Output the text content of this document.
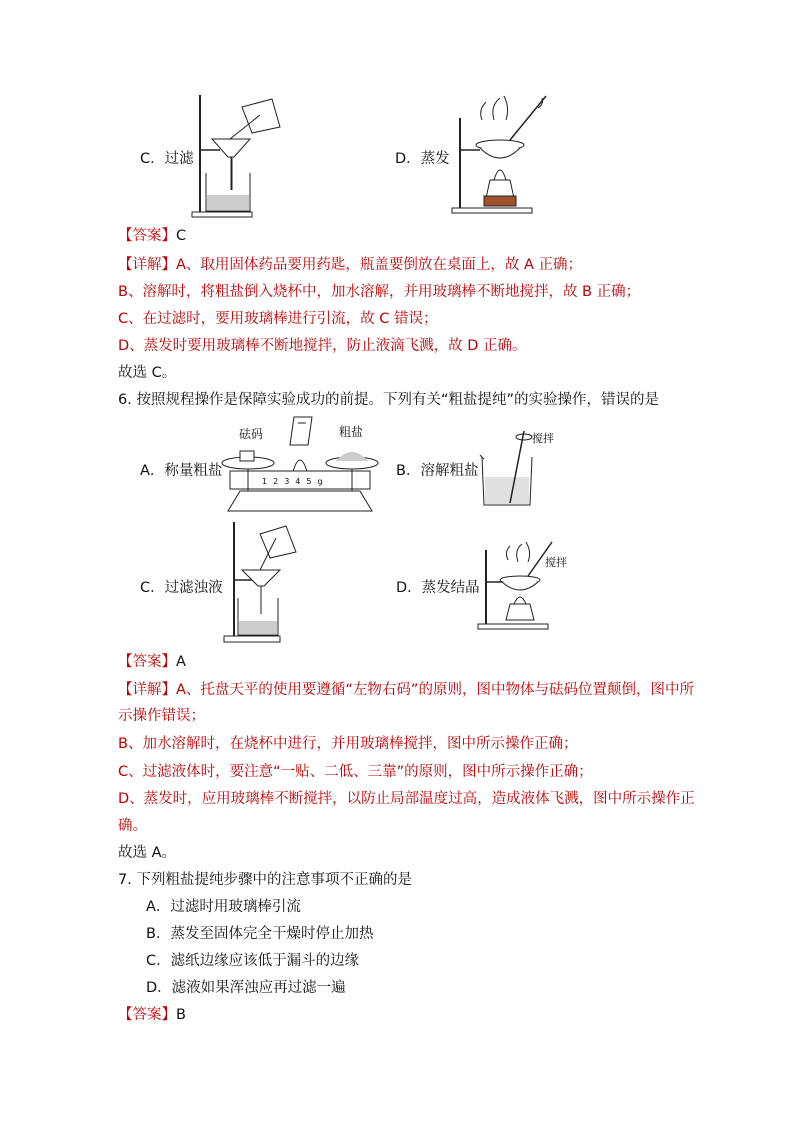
C．过滤	D．蒸发
【答案】C
【详解】A、取用固体药品要用药匙，瓶盖要倒放在桌面上，故 A 正确；
B、溶解时，将粗盐倒入烧杯中，加水溶解，并用玻璃棒不断地搅拌，故 B 正确；
C、在过滤时，要用玻璃棒进行引流，故 C 错误；
D、蒸发时要用玻璃棒不断地搅拌，防止液滴飞溅，故 D 正确。
故选 C。
6. 按照规程操作是保障实验成功的前提。下列有关“粗盐提纯”的实验操作，错误的是
A．称量粗盐
砝码	粗盐
12345g
B．溶解粗盐
搅拌
C．过滤浊液	D．蒸发结晶
搅拌
【答案】A
【详解】A、托盘天平的使用要遵循“左物右码”的原则，图中物体与砝码位置颠倒，图中所
示操作错误；
B、加水溶解时，在烧杯中进行，并用玻璃棒搅拌，图中所示操作正确；
C、过滤液体时，要注意“一贴、二低、三靠”的原则，图中所示操作正确；
D、蒸发时，应用玻璃棒不断搅拌，以防止局部温度过高，造成液体飞溅，图中所示操作正
确。
故选 A。
7. 下列粗盐提纯步骤中的注意事项不正确的是
A．过滤时用玻璃棒引流
B．蒸发至固体完全干燥时停止加热
C．滤纸边缘应该低于漏斗的边缘
D．滤液如果浑浊应再过滤一遍
【答案】B
